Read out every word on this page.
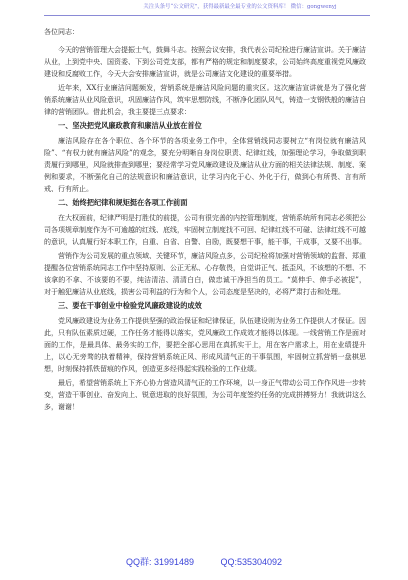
关注头条号“公文研究”，获得最新最全最专业的公文资料库！ 微信：gongwenyj

各位同志：

今天的营销管理大会提振士气，鼓舞斗志。按照会议安排，我代表公司纪检进行廉洁宣讲。关于廉洁从业，上到党中央、国资委、下到公司党支部，都有严格的规定和制度要求，公司始终高度重视党风廉政建设和反腐败工作，今天大会安排廉洁宣讲，就是公司廉洁文化建设的重要举措。

近年来，XX行业廉洁问题频发，营销系统是廉洁风险问题的重灾区。这次廉洁宣讲就是为了强化营销系统廉洁从业风险意识，巩固廉洁作风，筑牢思想防线，不断净化团队风气，铸造一支钢铁般的廉洁自律的营销团队。借此机会，我主要提三点要求：

一、坚决把党风廉政教育和廉洁从业放在首位

廉洁风险存在各个职位、各个环节的各项业务工作中，全体营销线同志要树立“有岗位就有廉洁风险”、“有权力就有廉洁风险”的观念，要充分明晰自身岗位职责、纪律红线，加强理论学习，争取做到职责履行到哪里，风险就排查到哪里；要经常学习党风廉政建设及廉洁从业方面的相关法律法规、制度、案例和要求，不断强化自己的法规意识和廉洁意识，让学习内化于心、外化于行，做到心有所畏、言有所戒、行有所止。

二、始终把纪律和规矩挺在各项工作前面

在大权面前，纪律严明是打胜仗的前提，公司有很完善的内控管理制度，营销系统所有同志必须把公司各项规章制度作为不可逾越的红线、底线，牢固树立制度找不可回、纪律红线不可碰、法律红线不可越的意识，认真履行好本职工作，自重、自省、自警、自励，既要想干事，能干事，干成事，又要不出事。

营销作为公司发展的重点领域、关键环节，廉洁风险点多，公司纪检将加强对营销领域的监督、郑重提醒各位营销系统同志工作中坚持原则、公正无私、心存敬畏，自觉讲正气、抵歪风，不该想的不想、不该拿的不拿、不该要的不要，纯洁清洁、清清白白，做忠诚干净担当的员工。“莫伸手、伸手必被捉”，对于触犯廉洁从业底线，损害公司利益的行为和个人，公司态度是坚决的，必将严肃打击和处理。

三、要在干事创业中检验党风廉政建设的成效

党风廉政建设为业务工作提供坚强的政治保证和纪律保证，队伍建设则为业务工作提供人才保证。因此，只有队伍素质过硬，工作任务才能得以落实，党风廉政工作成效才能得以体现。一线营销工作是面对面的工作，是最具体、最务实的工作，要把全部心思用在真抓实干上，用在客户需求上，用在业绩提升上，以心无旁骛的执着精神，保持营销系统正风、形成风清气正的干事氛围，牢固树立抓营销一盘棋思想，时刻保持抓铁留痕的作风，创造更多经得起实践检验的工作业绩。

最后，希望营销系统上下齐心协力营造风清气正的工作环境，以一身正气带动公司工作作风进一步转变，营造干事创业、奋发向上、锐意进取的良好氛围，为公司年度签约任务的完成拼搏努力！我就讲这么多，谢谢！

QQ群: 31991489	QQ:535304092
